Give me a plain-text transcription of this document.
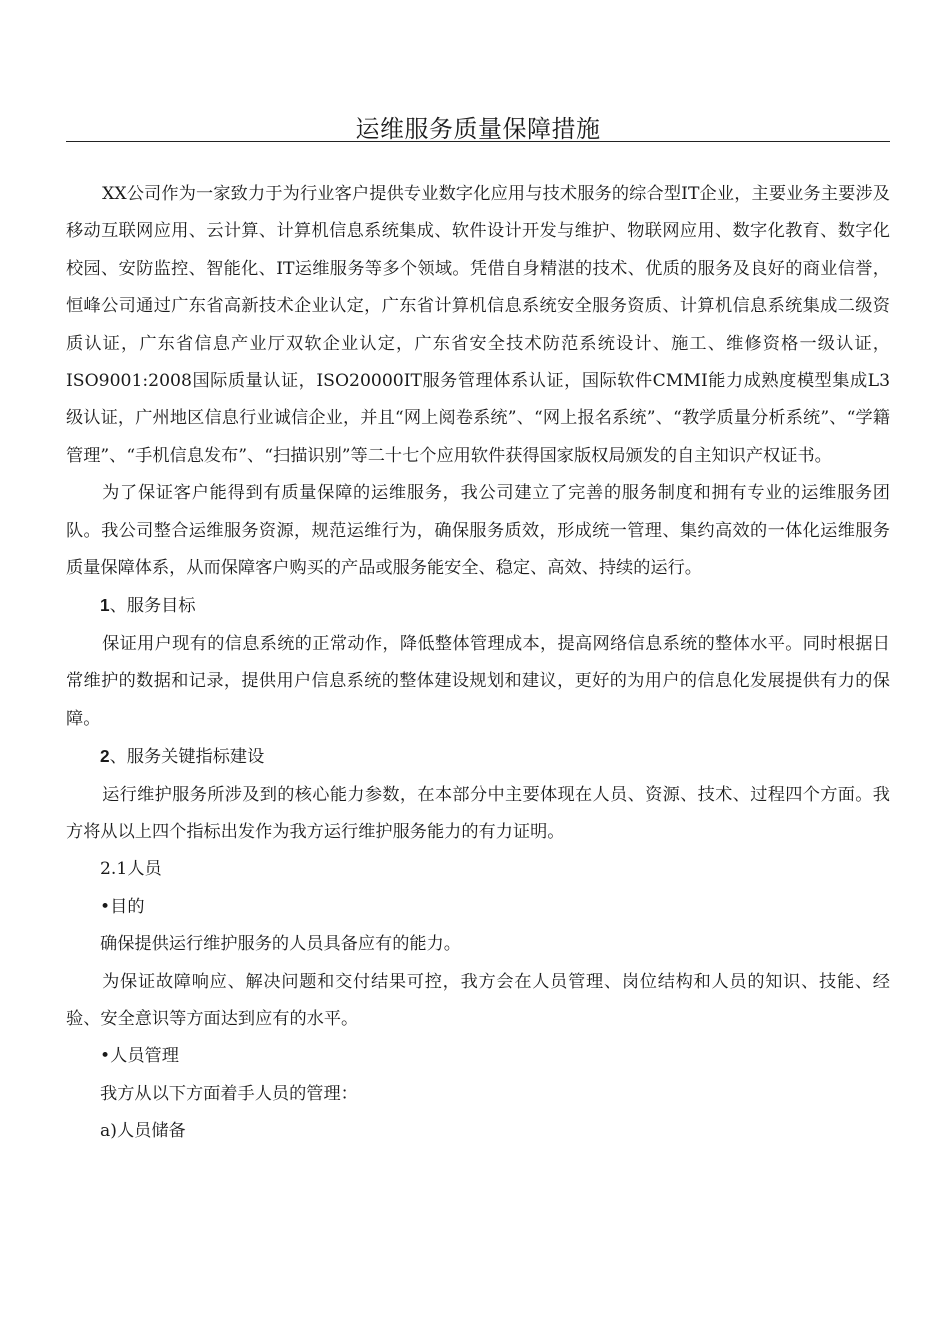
运维服务质量保障措施

XX公司作为一家致力于为行业客户提供专业数字化应用与技术服务的综合型IT企业，主要业务主要涉及移动互联网应用、云计算、计算机信息系统集成、软件设计开发与维护、物联网应用、数字化教育、数字化校园、安防监控、智能化、IT运维服务等多个领域。凭借自身精湛的技术、优质的服务及良好的商业信誉，恒峰公司通过广东省高新技术企业认定，广东省计算机信息系统安全服务资质、计算机信息系统集成二级资质认证，广东省信息产业厅双软企业认定，广东省安全技术防范系统设计、施工、维修资格一级认证，ISO9001:2008国际质量认证，ISO20000IT服务管理体系认证，国际软件CMMI能力成熟度模型集成L3级认证，广州地区信息行业诚信企业，并且“网上阅卷系统”、“网上报名系统”、“教学质量分析系统”、“学籍管理”、“手机信息发布”、“扫描识别”等二十七个应用软件获得国家版权局颁发的自主知识产权证书。

为了保证客户能得到有质量保障的运维服务，我公司建立了完善的服务制度和拥有专业的运维服务团队。我公司整合运维服务资源，规范运维行为，确保服务质效，形成统一管理、集约高效的一体化运维服务质量保障体系，从而保障客户购买的产品或服务能安全、稳定、高效、持续的运行。

1、服务目标

保证用户现有的信息系统的正常动作，降低整体管理成本，提高网络信息系统的整体水平。同时根据日常维护的数据和记录，提供用户信息系统的整体建设规划和建议，更好的为用户的信息化发展提供有力的保障。

2、服务关键指标建设

运行维护服务所涉及到的核心能力参数，在本部分中主要体现在人员、资源、技术、过程四个方面。我方将从以上四个指标出发作为我方运行维护服务能力的有力证明。

2.1人员

•目的

确保提供运行维护服务的人员具备应有的能力。

为保证故障响应、解决问题和交付结果可控，我方会在人员管理、岗位结构和人员的知识、技能、经验、安全意识等方面达到应有的水平。

•人员管理

我方从以下方面着手人员的管理：

a)人员储备
